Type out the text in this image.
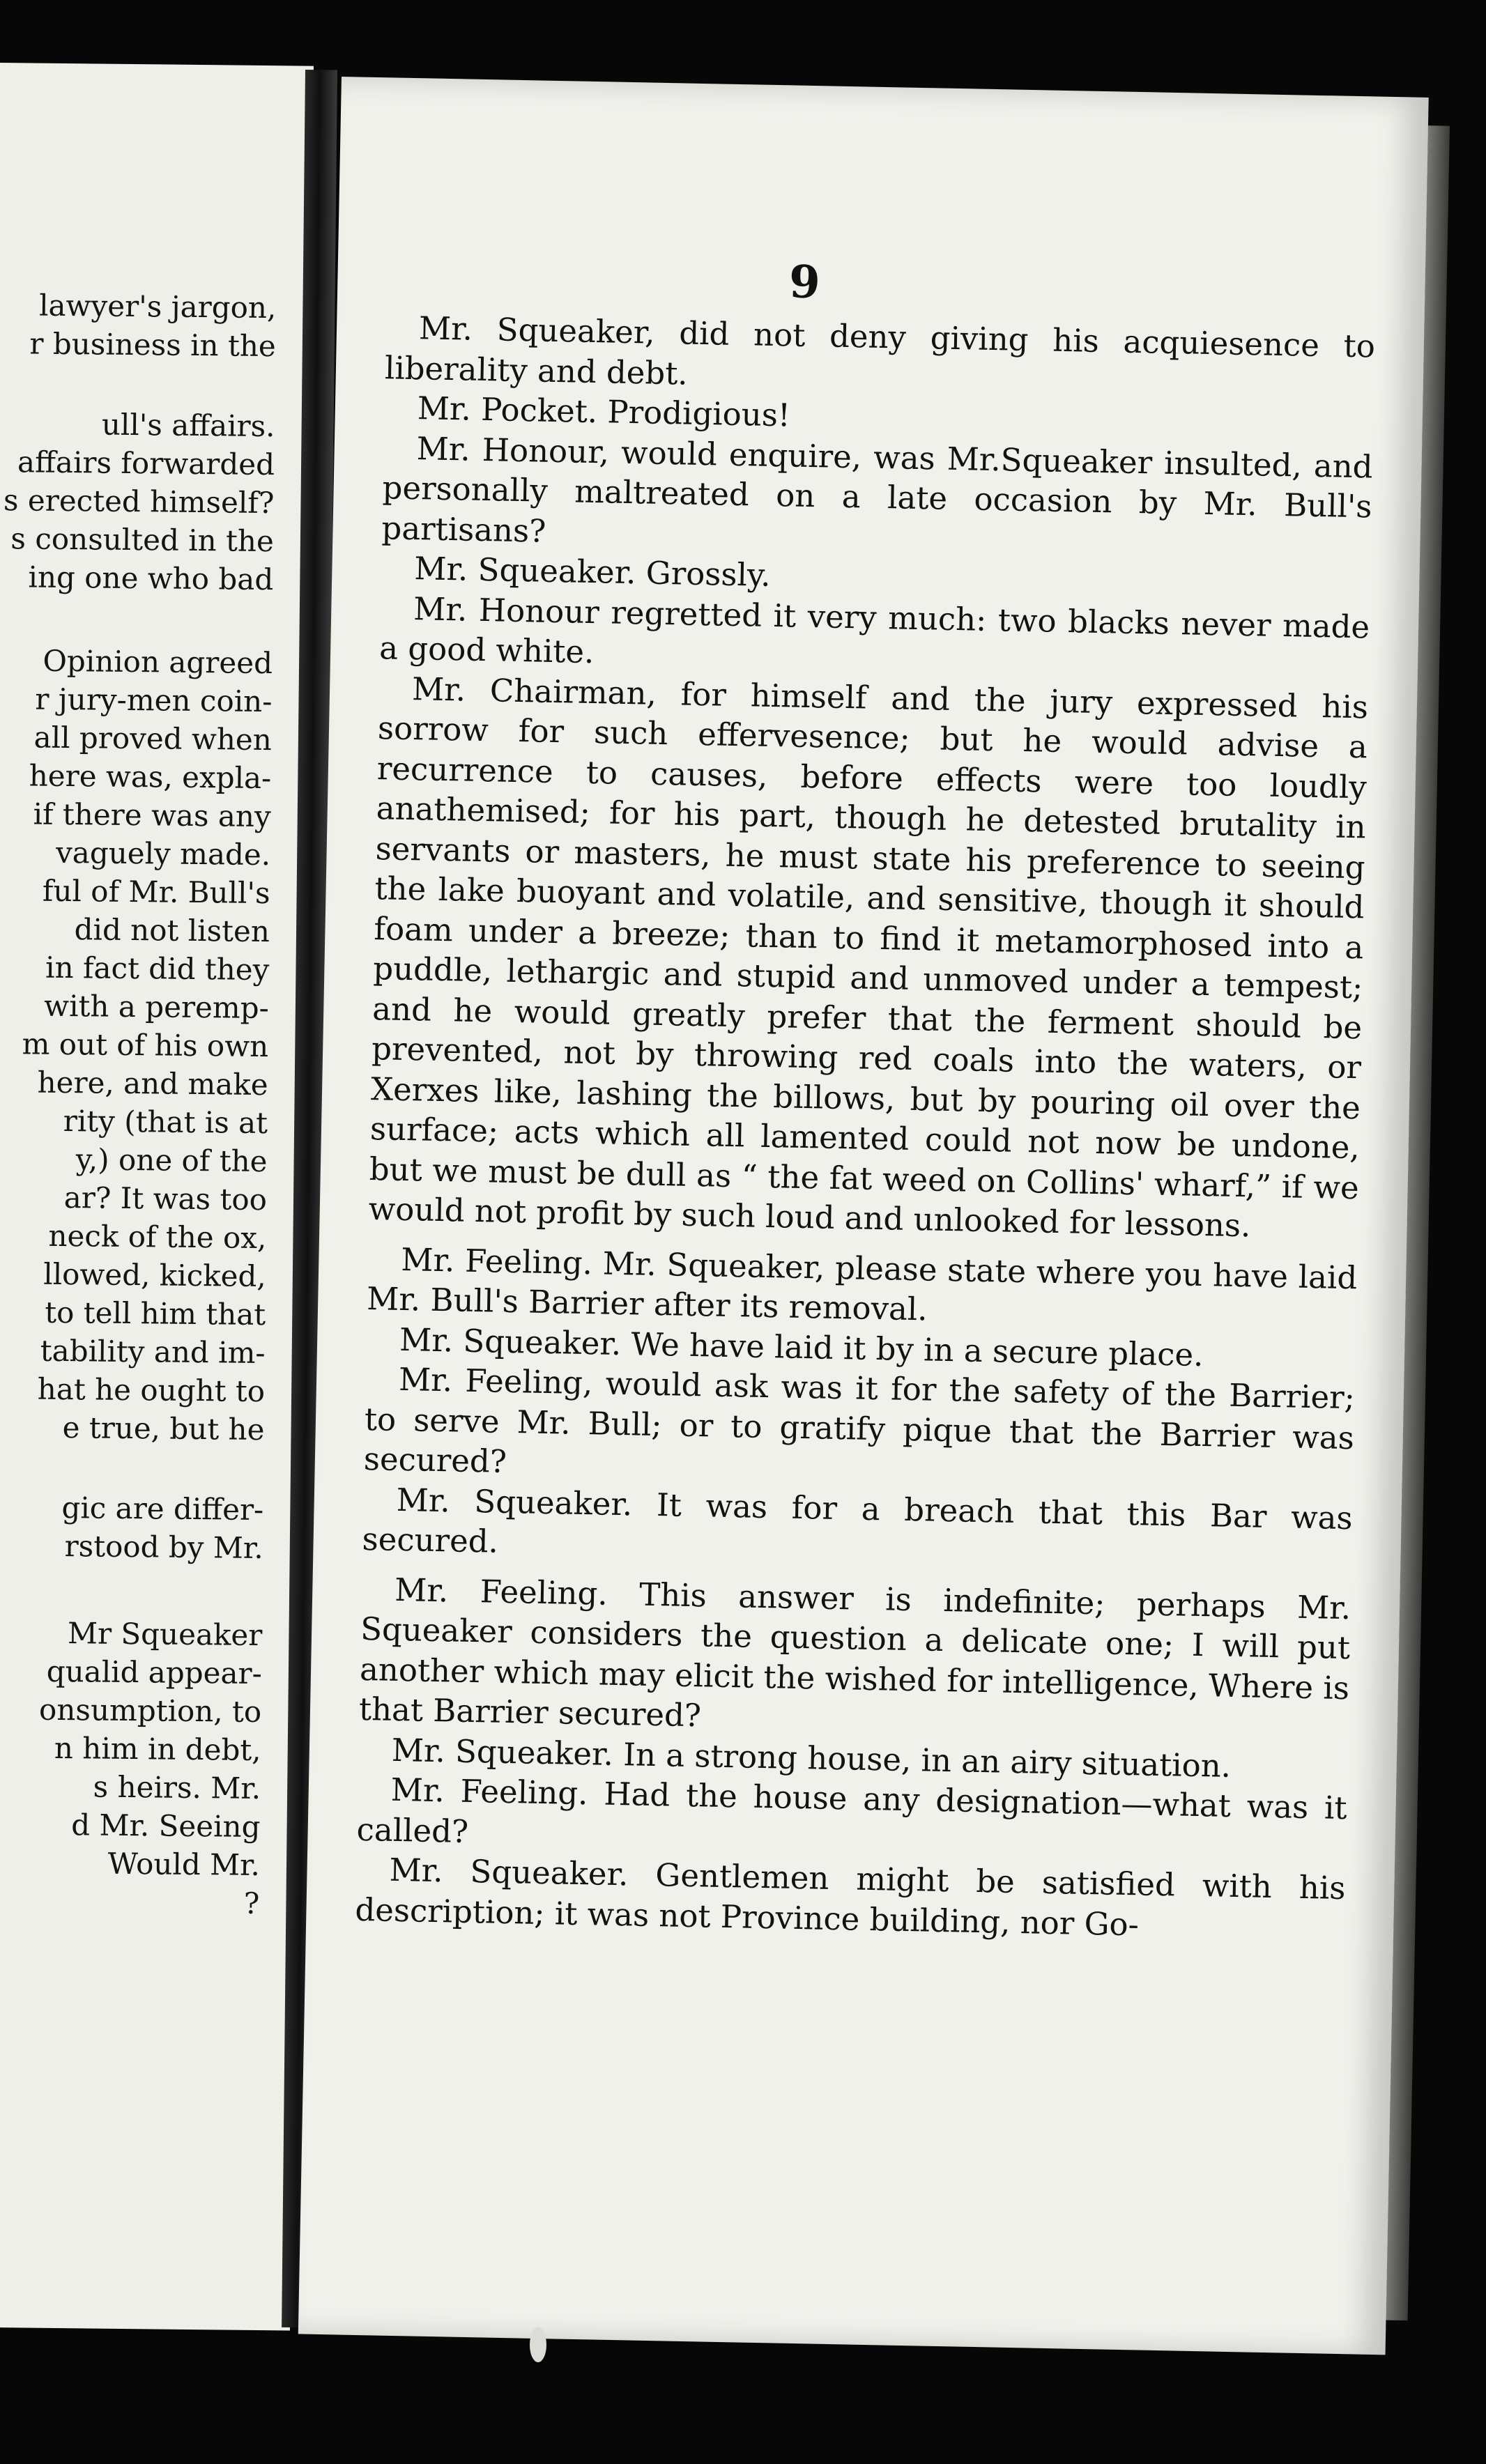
lawyer's jargon,
r business in the
ull's affairs.
affairs forwarded
s erected himself?
s consulted in the
ing one who bad
Opinion agreed
r jury-men coin-
all proved when
here was, expla-
if there was any
vaguely made.
ful of Mr. Bull's
did not listen
in fact did they
with a peremp-
m out of his own
here, and make
rity (that is at
y,) one of the
ar? It was too
neck of the ox,
llowed, kicked,
to tell him that
tability and im-
hat he ought to
e true, but he
gic are differ-
rstood by Mr.
Mr Squeaker
qualid appear-
onsumption, to
n him in debt,
s heirs. Mr.
d Mr. Seeing
Would Mr.
?
9

Mr. Squeaker, did not deny giving his acquiesence to liberality and debt.

Mr. Pocket. Prodigious!

Mr. Honour, would enquire, was Mr.Squeaker insulted, and personally maltreated on a late occasion by Mr. Bull's partisans?

Mr. Squeaker. Grossly.

Mr. Honour regretted it very much: two blacks never made a good white.

Mr. Chairman, for himself and the jury expressed his sorrow for such effervesence; but he would advise a recurrence to causes, before effects were too loudly anathemised; for his part, though he detested brutality in servants or masters, he must state his preference to seeing the lake buoyant and volatile, and sensitive, though it should foam under a breeze; than to find it metamorphosed into a puddle, lethargic and stupid and unmoved under a tempest; and he would greatly prefer that the ferment should be prevented, not by throwing red coals into the waters, or Xerxes like, lashing the billows, but by pouring oil over the surface; acts which all lamented could not now be undone, but we must be dull as “ the fat weed on Collins' wharf,” if we would not profit by such loud and unlooked for lessons.

Mr. Feeling. Mr. Squeaker, please state where you have laid Mr. Bull's Barrier after its removal.

Mr. Squeaker. We have laid it by in a secure place.

Mr. Feeling, would ask was it for the safety of the Barrier; to serve Mr. Bull; or to gratify pique that the Barrier was secured?

Mr. Squeaker. It was for a breach that this Bar was secured.

Mr. Feeling. This answer is indefinite; perhaps Mr. Squeaker considers the question a delicate one; I will put another which may elicit the wished for intelligence, Where is that Barrier secured?

Mr. Squeaker. In a strong house, in an airy situation.

Mr. Feeling. Had the house any designation—what was it called?

Mr. Squeaker. Gentlemen might be satisfied with his description; it was not Province building, nor Go-
